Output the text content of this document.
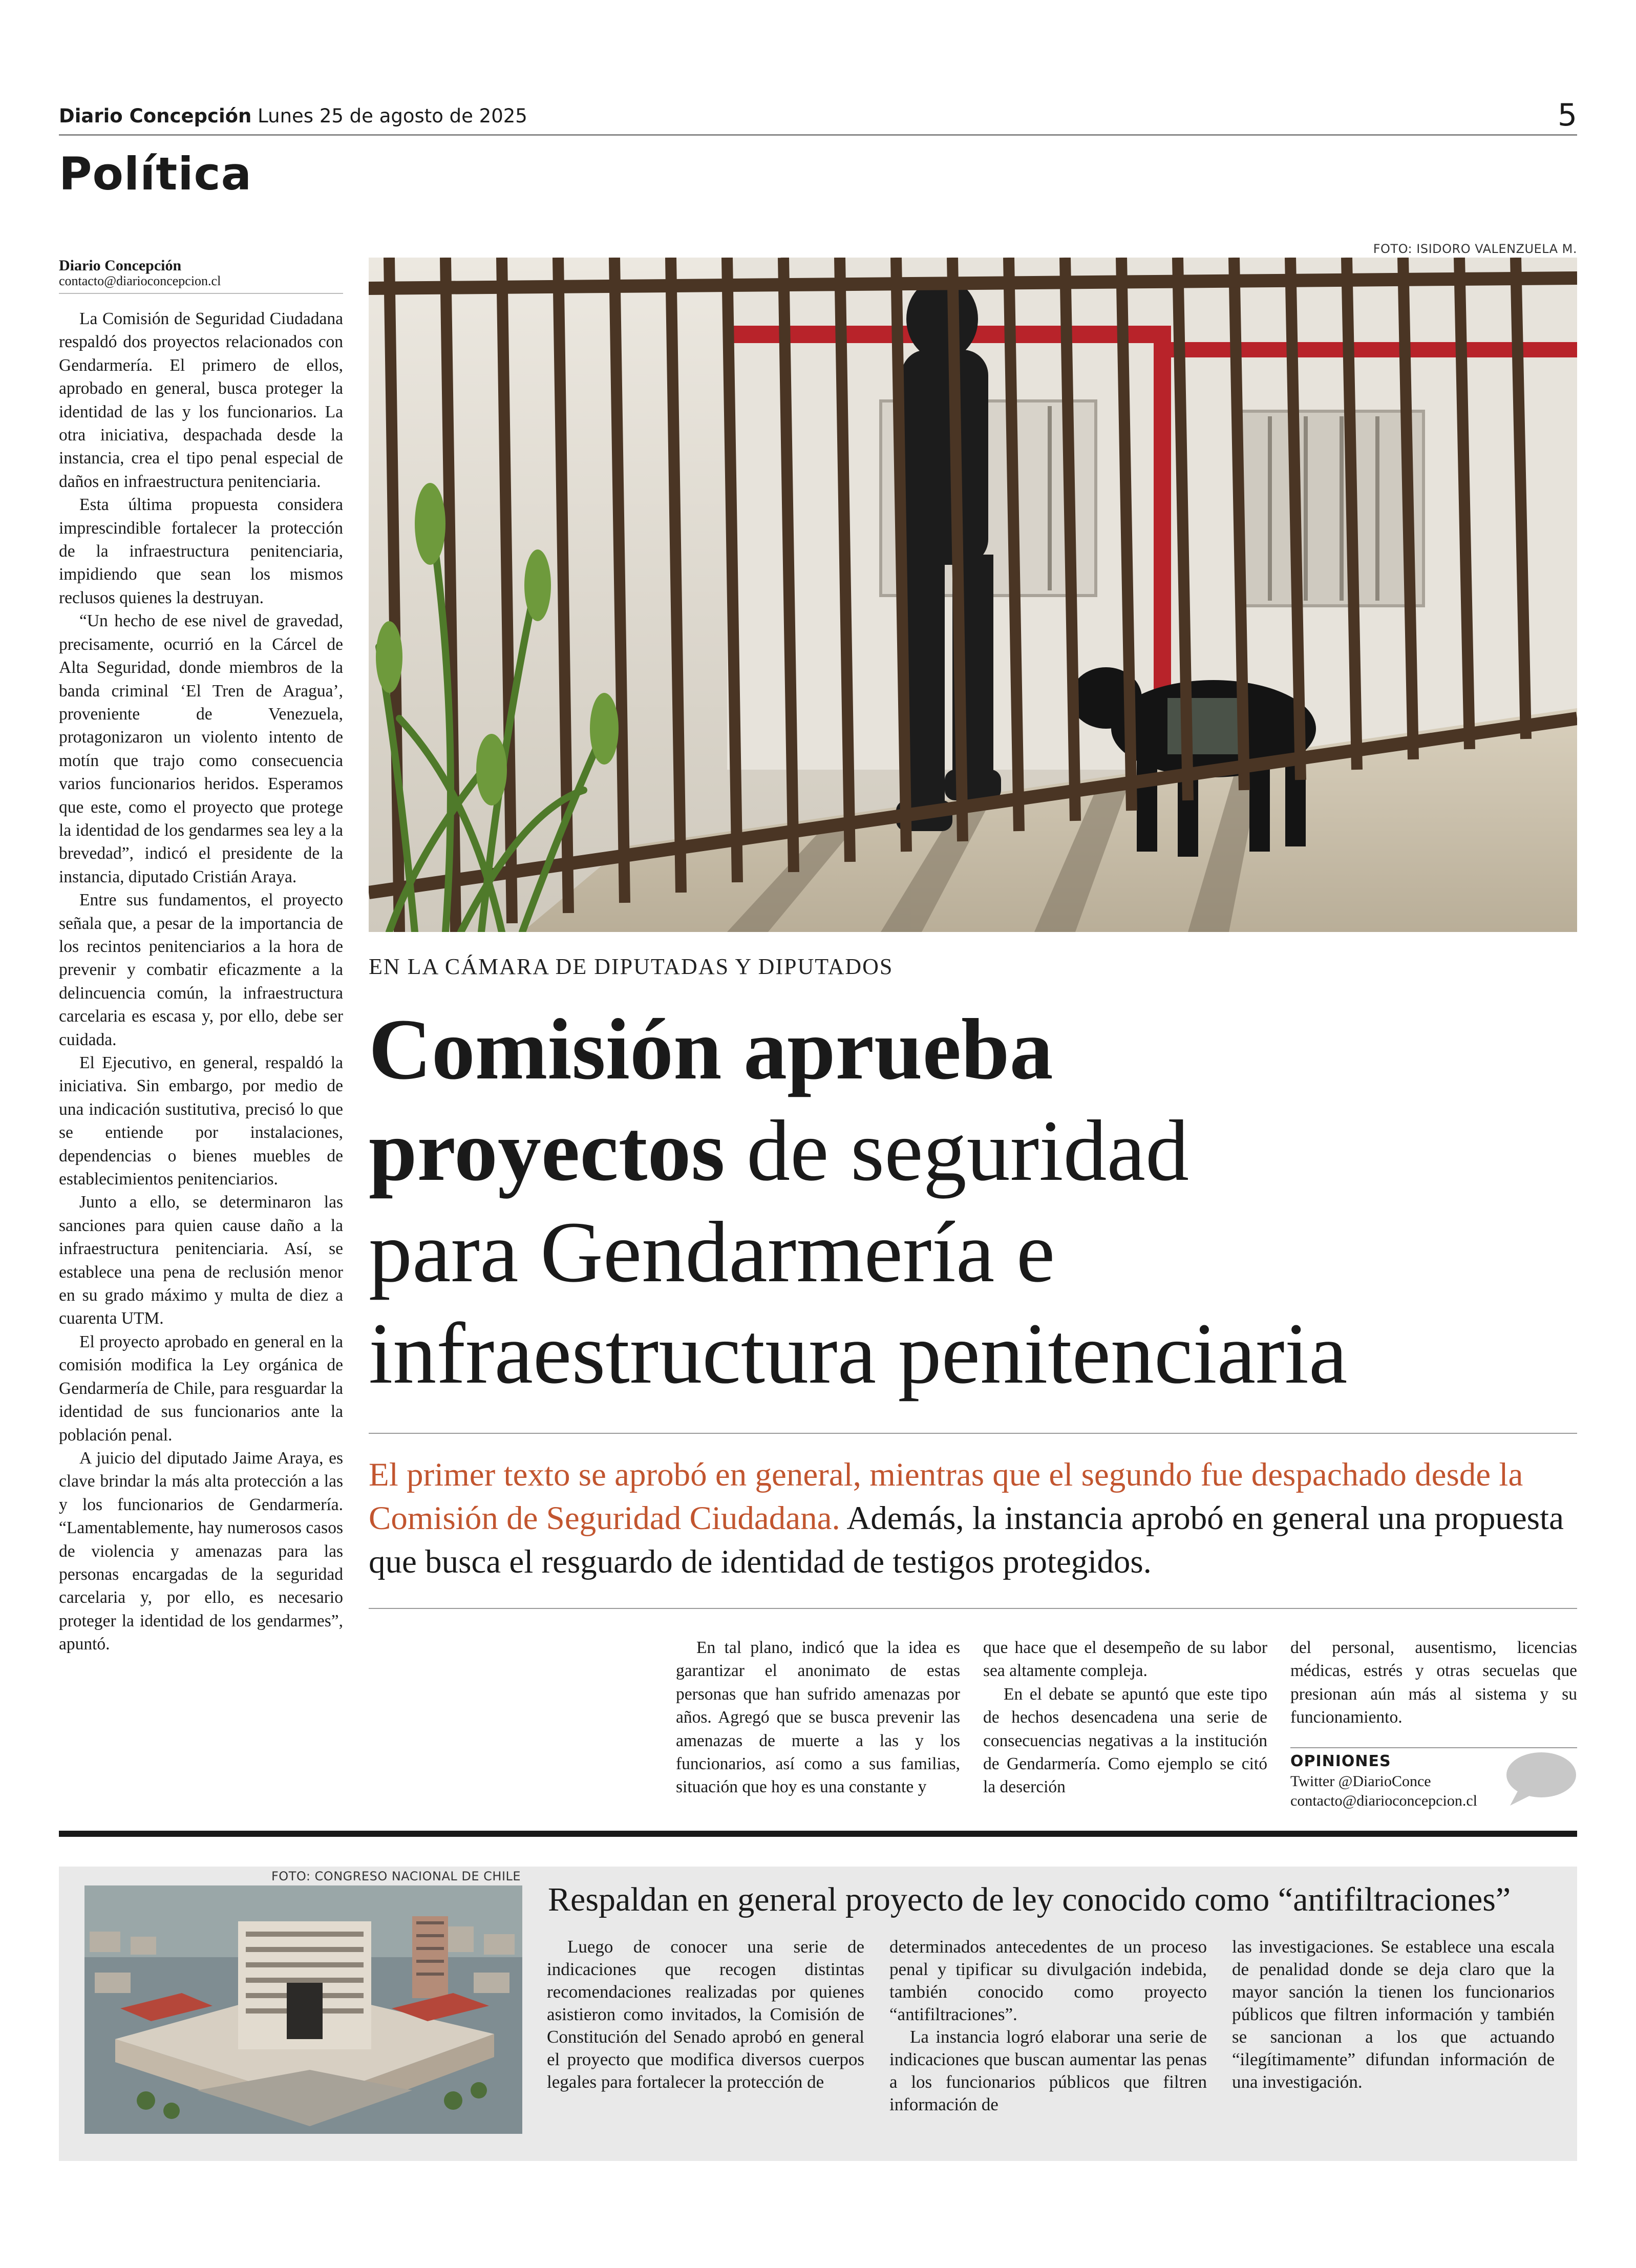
Diario Concepción Lunes 25 de agosto de 2025	5
Política
Diario Concepción
contacto@diarioconcepcion.cl

La Comisión de Seguridad Ciudadana respaldó dos proyectos relacionados con Gendarmería. El primero de ellos, aprobado en general, busca proteger la identidad de las y los funcionarios. La otra iniciativa, despachada desde la instancia, crea el tipo penal especial de daños en infraestructura penitenciaria.

Esta última propuesta considera imprescindible fortalecer la protección de la infraestructura penitenciaria, impidiendo que sean los mismos reclusos quienes la destruyan.

“Un hecho de ese nivel de gravedad, precisamente, ocurrió en la Cárcel de Alta Seguridad, donde miembros de la banda criminal ‘El Tren de Aragua’, proveniente de Venezuela, protagonizaron un violento intento de motín que trajo como consecuencia varios funcionarios heridos. Esperamos que este, como el proyecto que protege la identidad de los gendarmes sea ley a la brevedad”, indicó el presidente de la instancia, diputado Cristián Araya.

Entre sus fundamentos, el proyecto señala que, a pesar de la importancia de los recintos penitenciarios a la hora de prevenir y combatir eficazmente a la delincuencia común, la infraestructura carcelaria es escasa y, por ello, debe ser cuidada.

El Ejecutivo, en general, respaldó la iniciativa. Sin embargo, por medio de una indicación sustitutiva, precisó lo que se entiende por instalaciones, dependencias o bienes muebles de establecimientos penitenciarios.

Junto a ello, se determinaron las sanciones para quien cause daño a la infraestructura penitenciaria. Así, se establece una pena de reclusión menor en su grado máximo y multa de diez a cuarenta UTM.

El proyecto aprobado en general en la comisión modifica la Ley orgánica de Gendarmería de Chile, para resguardar la identidad de sus funcionarios ante la población penal.

A juicio del diputado Jaime Araya, es clave brindar la más alta protección a las y los funcionarios de Gendarmería. “Lamentablemente, hay numerosos casos de violencia y amenazas para las personas encargadas de la seguridad carcelaria y, por ello, es necesario proteger la identidad de los gendarmes”, apuntó.

FOTO: ISIDORO VALENZUELA M.
EN LA CÁMARA DE DIPUTADAS Y DIPUTADOS
Comisión aprueba
proyectos de seguridad
para Gendarmería e
infraestructura penitenciaria
El primer texto se aprobó en general, mientras que el segundo fue despachado desde la Comisión de Seguridad Ciudadana. Además, la instancia aprobó en general una propuesta que busca el resguardo de identidad de testigos protegidos.

En tal plano, indicó que la idea es garantizar el anonimato de estas personas que han sufrido amenazas por años. Agregó que se busca prevenir las amenazas de muerte a las y los funcionarios, así como a sus familias, situación que hoy es una constante y

que hace que el desempeño de su labor sea altamente compleja.

En el debate se apuntó que este tipo de hechos desencadena una serie de consecuencias negativas a la institución de Gendarmería. Como ejemplo se citó la deserción

del personal, ausentismo, licencias médicas, estrés y otras secuelas que presionan aún más al sistema y su funcionamiento.

OPINIONES
Twitter @DiarioConce
contacto@diarioconcepcion.cl
FOTO: CONGRESO NACIONAL DE CHILE
Respaldan en general proyecto de ley conocido como “antifiltraciones”

Luego de conocer una serie de indicaciones que recogen distintas recomendaciones realizadas por quienes asistieron como invitados, la Comisión de Constitución del Senado aprobó en general el proyecto que modifica diversos cuerpos legales para fortalecer la protección de

determinados antecedentes de un proceso penal y tipificar su divulgación indebida, también conocido como proyecto “antifiltraciones”.

La instancia logró elaborar una serie de indicaciones que buscan aumentar las penas a los funcionarios públicos que filtren información de

las investigaciones. Se establece una escala de penalidad donde se deja claro que la mayor sanción la tienen los funcionarios públicos que filtren información y también se sancionan a los que actuando “ilegítimamente” difundan información de una investigación.
